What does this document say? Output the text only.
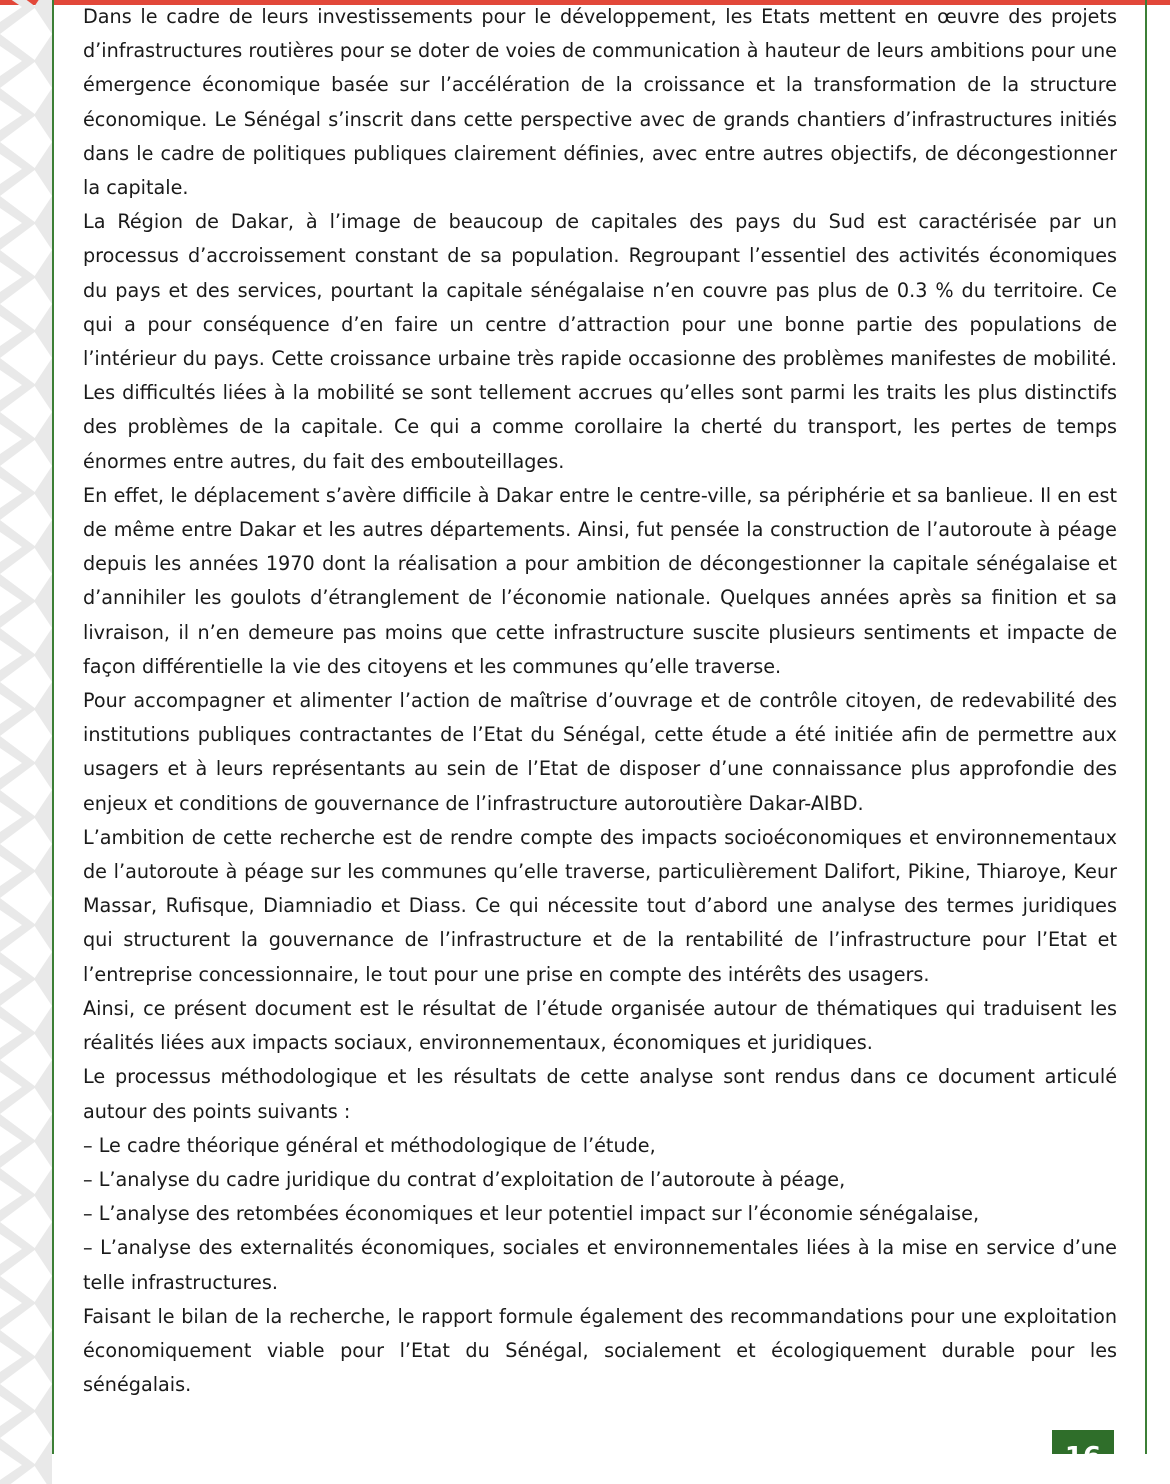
Dans le cadre de leurs investissements pour le développement, les Etats mettent en œuvre des projets d’infrastructures routières pour se doter de voies de communication à hauteur de leurs ambitions pour une émergence économique basée sur l’accélération de la croissance et la transformation de la structure économique. Le Sénégal s’inscrit dans cette perspective avec de grands chantiers d’infrastructures initiés dans le cadre de politiques publiques clairement définies, avec entre autres objectifs, de décongestionner la capitale.

La Région de Dakar, à l’image de beaucoup de capitales des pays du Sud est caractérisée par un processus d’accroissement constant de sa population. Regroupant l’essentiel des activités économiques du pays et des services, pourtant la capitale sénégalaise n’en couvre pas plus de 0.3 % du territoire. Ce qui a pour conséquence d’en faire un centre d’attraction pour une bonne partie des populations de l’intérieur du pays. Cette croissance urbaine très rapide occasionne des problèmes manifestes de mobilité. Les difficultés liées à la mobilité se sont tellement accrues qu’elles sont parmi les traits les plus distinctifs des problèmes de la capitale. Ce qui a comme corollaire la cherté du transport, les pertes de temps énormes entre autres, du fait des embouteillages.

En effet, le déplacement s’avère difficile à Dakar entre le centre-ville, sa périphérie et sa banlieue. Il en est de même entre Dakar et les autres départements. Ainsi, fut pensée la construction de l’autoroute à péage depuis les années 1970 dont la réalisation a pour ambition de décongestionner la capitale sénégalaise et d’annihiler les goulots d’étranglement de l’économie nationale. Quelques années après sa finition et sa livraison, il n’en demeure pas moins que cette infrastructure suscite plusieurs sentiments et impacte de façon différentielle la vie des citoyens et les communes qu’elle traverse.

Pour accompagner et alimenter l’action de maîtrise d’ouvrage et de contrôle citoyen, de redevabilité des institutions publiques contractantes de l’Etat du Sénégal, cette étude a été initiée afin de permettre aux usagers et à leurs représentants au sein de l’Etat de disposer d’une connaissance plus approfondie des enjeux et conditions de gouvernance de l’infrastructure autoroutière Dakar-AIBD.

L’ambition de cette recherche est de rendre compte des impacts socioéconomiques et environnementaux de l’autoroute à péage sur les communes qu’elle traverse, particulièrement Dalifort, Pikine, Thiaroye, Keur Massar, Rufisque, Diamniadio et Diass. Ce qui nécessite tout d’abord une analyse des termes juridiques qui structurent la gouvernance de l’infrastructure et de la rentabilité de l’infrastructure pour l’Etat et l’entreprise concessionnaire, le tout pour une prise en compte des intérêts des usagers.

Ainsi, ce présent document est le résultat de l’étude organisée autour de thématiques qui traduisent les réalités liées aux impacts sociaux, environnementaux, économiques et juridiques.

Le processus méthodologique et les résultats de cette analyse sont rendus dans ce document articulé autour des points suivants :

– Le cadre théorique général et méthodologique de l’étude,

– L’analyse du cadre juridique du contrat d’exploitation de l’autoroute à péage,

– L’analyse des retombées économiques et leur potentiel impact sur l’économie sénégalaise,

– L’analyse des externalités économiques, sociales et environnementales liées à la mise en service d’une telle infrastructures.

Faisant le bilan de la recherche, le rapport formule également des recommandations pour une exploitation économiquement viable pour l’Etat du Sénégal, socialement et écologiquement durable pour les sénégalais.

16
